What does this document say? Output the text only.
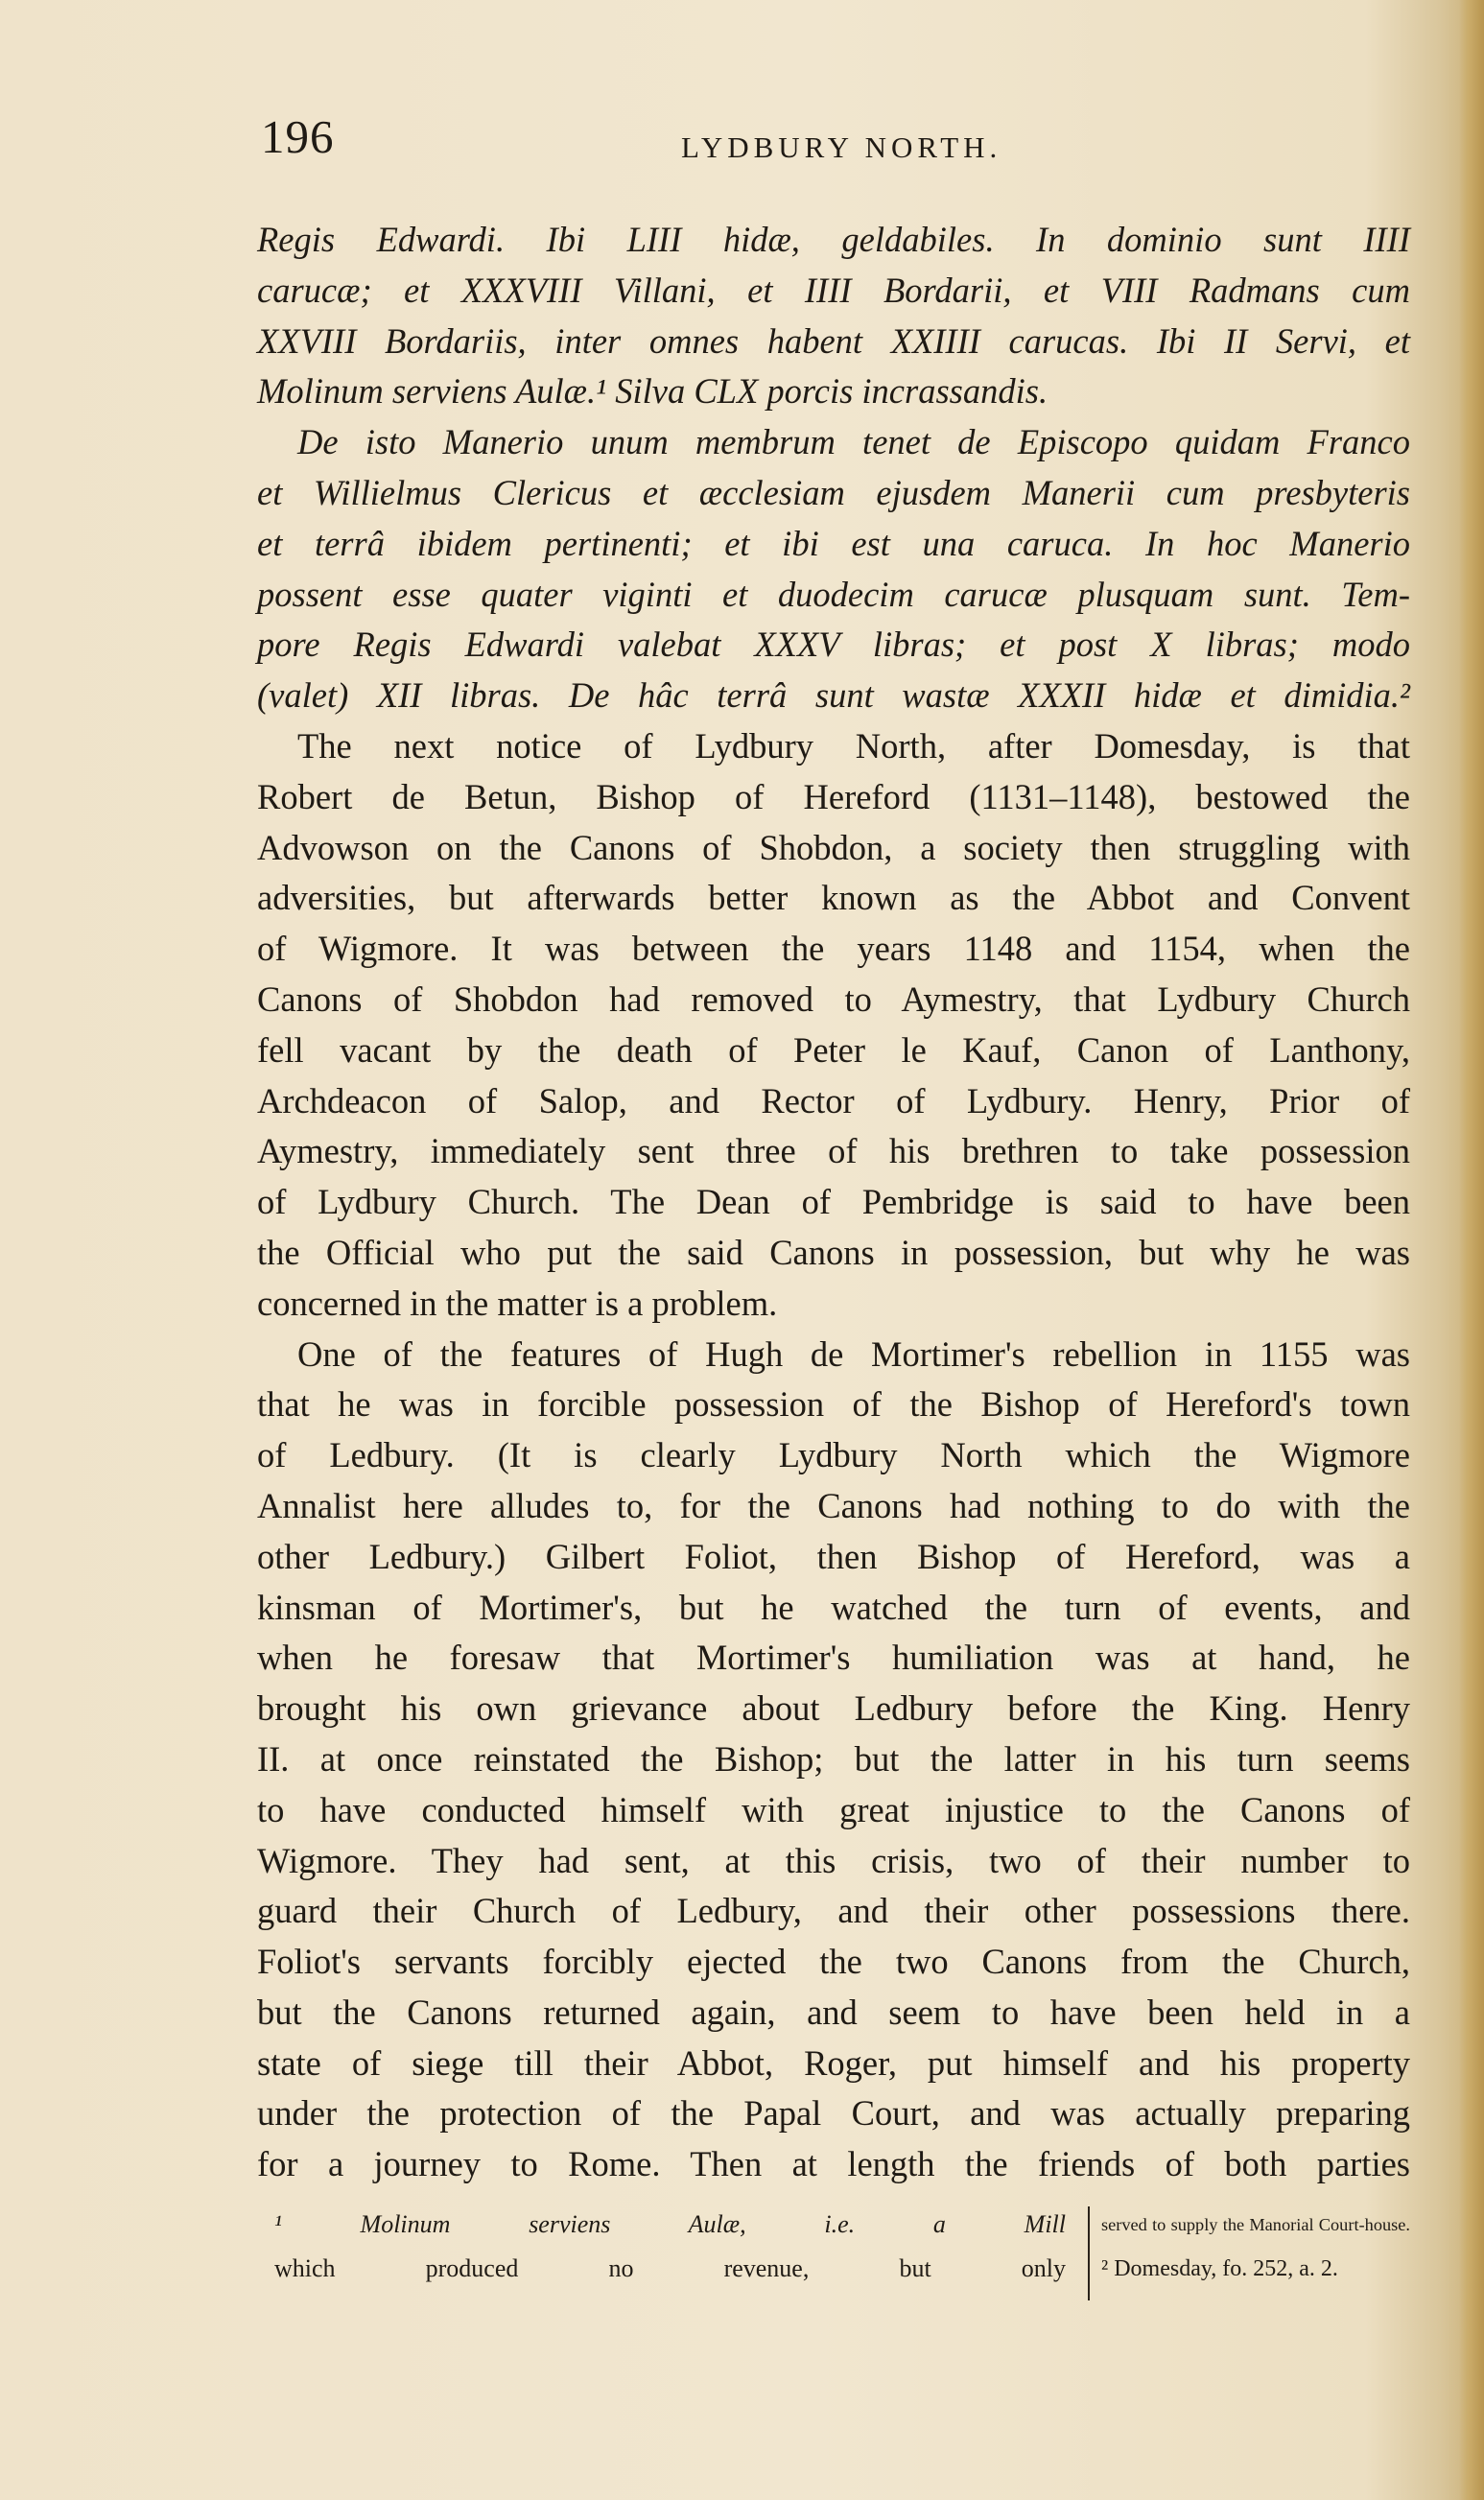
196	LYDBURY NORTH.
Regis Edwardi. Ibi LIII hidæ, geldabiles. In dominio sunt IIII
carucæ; et XXXVIII Villani, et IIII Bordarii, et VIII Radmans cum
XXVIII Bordariis, inter omnes habent XXIIII carucas. Ibi II Servi, et
Molinum serviens Aulæ.¹ Silva CLX porcis incrassandis.
De isto Manerio unum membrum tenet de Episcopo quidam Franco
et Willielmus Clericus et æcclesiam ejusdem Manerii cum presbyteris
et terrâ ibidem pertinenti; et ibi est una caruca. In hoc Manerio
possent esse quater viginti et duodecim carucæ plusquam sunt. Tem-
pore Regis Edwardi valebat XXXV libras; et post X libras; modo
(valet) XII libras. De hâc terrâ sunt wastæ XXXII hidæ et dimidia.²
The next notice of Lydbury North, after Domesday, is that
Robert de Betun, Bishop of Hereford (1131–1148), bestowed the
Advowson on the Canons of Shobdon, a society then struggling with
adversities, but afterwards better known as the Abbot and Convent
of Wigmore. It was between the years 1148 and 1154, when the
Canons of Shobdon had removed to Aymestry, that Lydbury Church
fell vacant by the death of Peter le Kauf, Canon of Lanthony,
Archdeacon of Salop, and Rector of Lydbury. Henry, Prior of
Aymestry, immediately sent three of his brethren to take possession
of Lydbury Church. The Dean of Pembridge is said to have been
the Official who put the said Canons in possession, but why he was
concerned in the matter is a problem.
One of the features of Hugh de Mortimer's rebellion in 1155 was
that he was in forcible possession of the Bishop of Hereford's town
of Ledbury. (It is clearly Lydbury North which the Wigmore
Annalist here alludes to, for the Canons had nothing to do with the
other Ledbury.) Gilbert Foliot, then Bishop of Hereford, was a
kinsman of Mortimer's, but he watched the turn of events, and
when he foresaw that Mortimer's humiliation was at hand, he
brought his own grievance about Ledbury before the King. Henry
II. at once reinstated the Bishop; but the latter in his turn seems
to have conducted himself with great injustice to the Canons of
Wigmore. They had sent, at this crisis, two of their number to
guard their Church of Ledbury, and their other possessions there.
Foliot's servants forcibly ejected the two Canons from the Church,
but the Canons returned again, and seem to have been held in a
state of siege till their Abbot, Roger, put himself and his property
under the protection of the Papal Court, and was actually preparing
for a journey to Rome. Then at length the friends of both parties
¹ Molinum serviens Aulæ, i.e. a Mill
which produced no revenue, but only
served to supply the Manorial Court-house.
² Domesday, fo. 252, a. 2.
